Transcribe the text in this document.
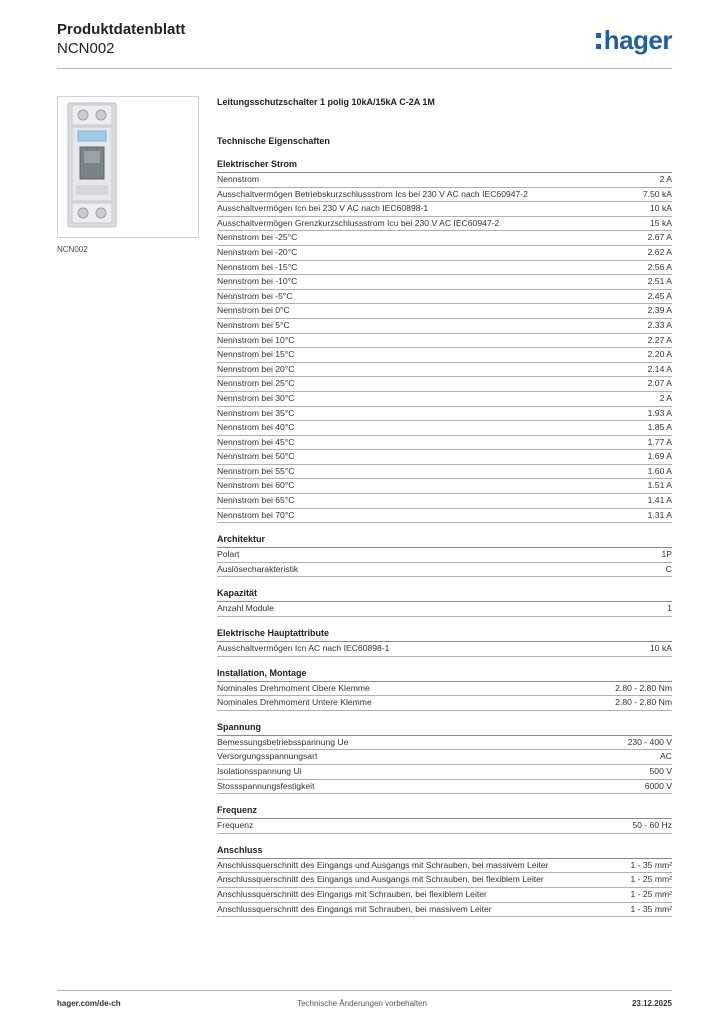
Produktdatenblatt
NCN002	hager
NCN002
Leitungsschutzschalter 1 polig 10kA/15kA C-2A 1M
Technische Eigenschaften
Elektrischer Strom
Nennstrom	2 A
Ausschaltvermögen Betriebskurzschlussstrom Ics bei 230 V AC nach IEC60947-2	7.50 kA
Ausschaltvermögen Icn bei 230 V AC nach IEC60898-1	10 kA
Ausschaltvermögen Grenzkurzschlussstrom Icu bei 230 V AC IEC60947-2	15 kA
Nennstrom bei -25°C	2.67 A
Nennstrom bei -20°C	2.62 A
Nennstrom bei -15°C	2.56 A
Nennstrom bei -10°C	2.51 A
Nennstrom bei -5°C	2.45 A
Nennstrom bei 0°C	2.39 A
Nennstrom bei 5°C	2.33 A
Nennstrom bei 10°C	2.27 A
Nennstrom bei 15°C	2.20 A
Nennstrom bei 20°C	2.14 A
Nennstrom bei 25°C	2.07 A
Nennstrom bei 30°C	2 A
Nennstrom bei 35°C	1.93 A
Nennstrom bei 40°C	1.85 A
Nennstrom bei 45°C	1.77 A
Nennstrom bei 50°C	1.69 A
Nennstrom bei 55°C	1.60 A
Nennstrom bei 60°C	1.51 A
Nennstrom bei 65°C	1.41 A
Nennstrom bei 70°C	1.31 A
Architektur
Polart	1P
Auslösecharakteristik	C
Kapazität
Anzahl Module	1
Elektrische Hauptattribute
Ausschaltvermögen Icn AC nach IEC60898-1	10 kA
Installation, Montage
Nominales Drehmoment Obere Klemme	2.80 - 2.80 Nm
Nominales Drehmoment Untere Klemme	2.80 - 2.80 Nm
Spannung
Bemessungsbetriebsspannung Ue	230 - 400 V
Versorgungsspannungsart	AC
Isolationsspannung Ui	500 V
Stossspannungsfestigkeit	6000 V
Frequenz
Frequenz	50 - 60 Hz
Anschluss
Anschlussquerschnitt des Eingangs und Ausgangs mit Schrauben, bei massivem Leiter	1 - 35 mm²
Anschlussquerschnitt des Eingangs und Ausgangs mit Schrauben, bei flexiblem Leiter	1 - 25 mm²
Anschlussquerschnitt des Eingangs mit Schrauben, bei flexiblem Leiter	1 - 25 mm²
Anschlussquerschnitt des Eingangs mit Schrauben, bei massivem Leiter	1 - 35 mm²
hager.com/de-ch	Technische Änderungen vorbehalten	23.12.2025
